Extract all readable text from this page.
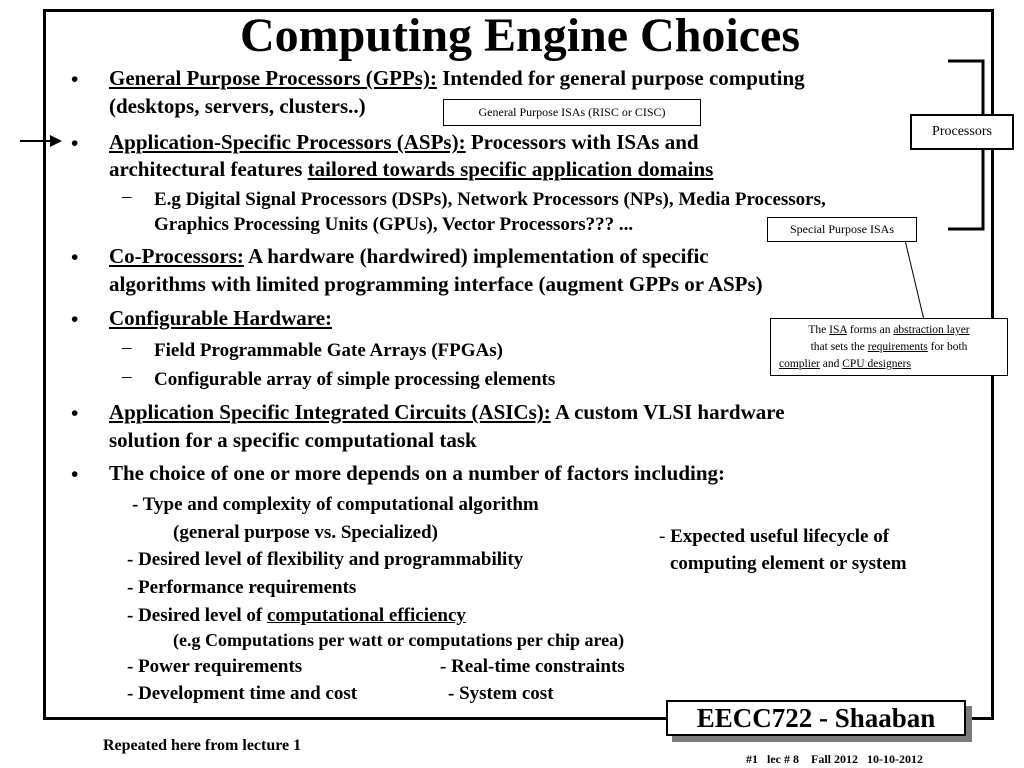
Computing Engine Choices
• General Purpose Processors (GPPs): Intended for general purpose computing
(desktops, servers, clusters..)
• Application-Specific Processors (ASPs): Processors with ISAs and
architectural features tailored towards specific application domains
– E.g Digital Signal Processors (DSPs), Network Processors (NPs), Media Processors,
Graphics Processing Units (GPUs), Vector Processors??? ...
• Co-Processors: A hardware (hardwired) implementation of specific
algorithms with limited programming interface (augment GPPs or ASPs)
• Configurable Hardware:
– Field Programmable Gate Arrays (FPGAs)
– Configurable array of simple processing elements
• Application Specific Integrated Circuits (ASICs): A custom VLSI hardware
solution for a specific computational task
• The choice of one or more depends on a number of factors including:
- Type and complexity of computational algorithm
(general purpose vs. Specialized)
- Desired level of flexibility and programmability
- Performance requirements
- Desired level of computational efficiency
(e.g Computations per watt or computations per chip area)
- Power requirements	- Real-time constraints
- Development time and cost	- System cost
- Expected useful lifecycle of
computing element or system
General Purpose ISAs (RISC or CISC)
Processors
Special Purpose ISAs
The ISA forms an abstraction layer
that sets the requirements for both
complier and CPU designers
Repeated here from lecture 1
EECC722 - Shaaban
#1   lec # 8    Fall 2012   10-10-2012
